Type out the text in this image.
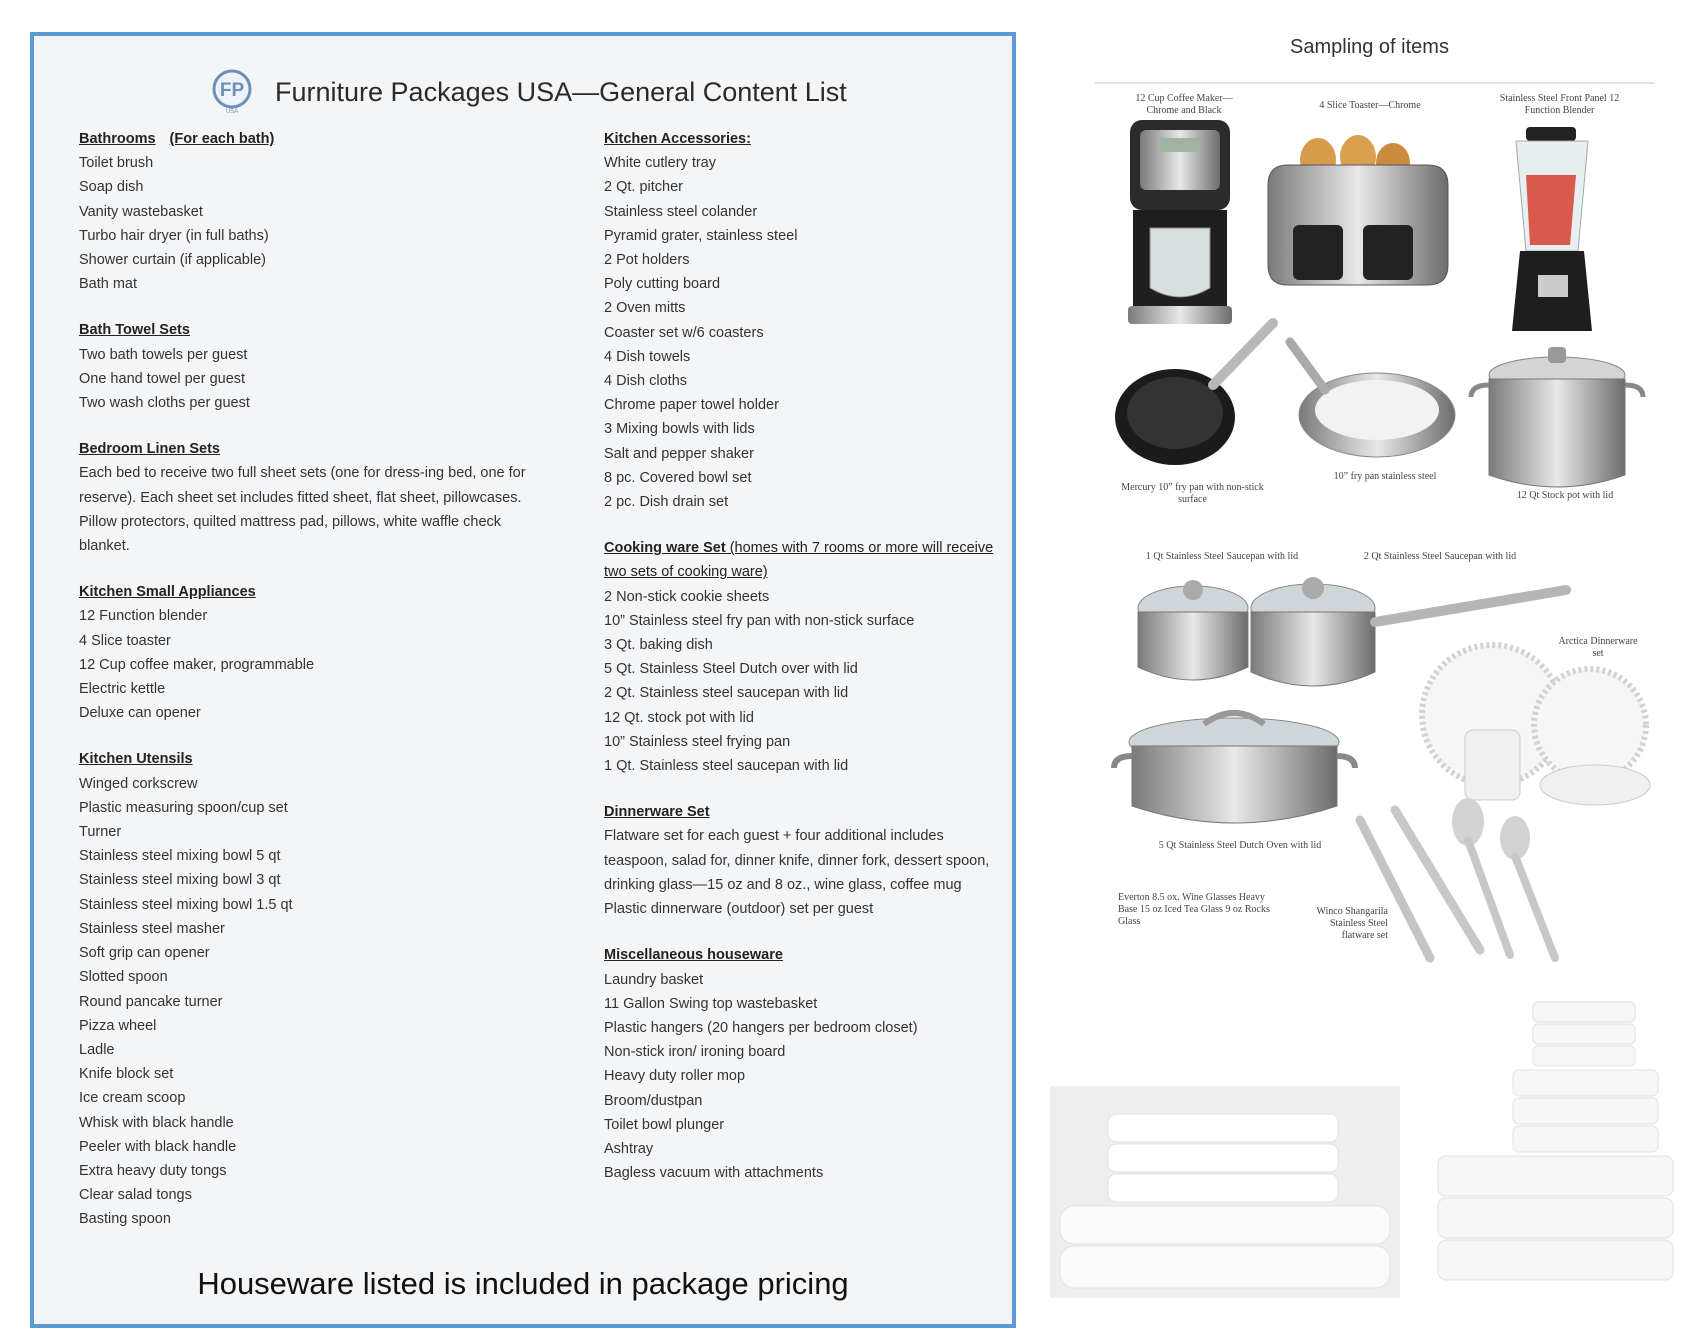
FP
USA
Furniture Packages USA—General Content List
Bathrooms (For each bath)
Toilet brush
Soap dish
Vanity wastebasket
Turbo hair dryer (in full baths)
Shower curtain (if applicable)
Bath mat
Bath Towel Sets
Two bath towels per guest
One hand towel per guest
Two wash cloths per guest
Bedroom Linen Sets
Each bed to receive two full sheet sets (one for dress-ing bed, one for reserve). Each sheet set includes fitted sheet, flat sheet, pillowcases.
Pillow protectors, quilted mattress pad, pillows, white waffle check blanket.
Kitchen Small Appliances
12 Function blender
4 Slice toaster
12 Cup coffee maker, programmable
Electric kettle
Deluxe can opener
Kitchen Utensils
Winged corkscrew
Plastic measuring spoon/cup set
Turner
Stainless steel mixing bowl 5 qt
Stainless steel mixing bowl 3 qt
Stainless steel mixing bowl 1.5 qt
Stainless steel masher
Soft grip can opener
Slotted spoon
Round pancake turner
Pizza wheel
Ladle
Knife block set
Ice cream scoop
Whisk with black handle
Peeler with black handle
Extra heavy duty tongs
Clear salad tongs
Basting spoon
Kitchen Accessories:
White cutlery tray
2 Qt. pitcher
Stainless steel colander
Pyramid grater, stainless steel
2 Pot holders
Poly cutting board
2 Oven mitts
Coaster set w/6 coasters
4 Dish towels
4 Dish cloths
Chrome paper towel holder
3 Mixing bowls with lids
Salt and pepper shaker
8 pc. Covered bowl set
2 pc. Dish drain set
Cooking ware Set (homes with 7 rooms or more will receive two sets of cooking ware)
2 Non-stick cookie sheets
10” Stainless steel fry pan with non-stick surface
3 Qt. baking dish
5 Qt. Stainless Steel Dutch over with lid
2 Qt. Stainless steel saucepan with lid
12 Qt. stock pot with lid
10” Stainless steel frying pan
1 Qt. Stainless steel saucepan with lid
Dinnerware Set
Flatware set for each guest + four additional includes teaspoon, salad for, dinner knife, dinner fork, dessert spoon, drinking glass—15 oz and 8 oz., wine glass, coffee mug
Plastic dinnerware (outdoor) set per guest
Miscellaneous houseware
Laundry basket
11 Gallon Swing top wastebasket
Plastic hangers (20 hangers per bedroom closet)
Non-stick iron/ ironing board
Heavy duty roller mop
Broom/dustpan
Toilet bowl plunger
Ashtray
Bagless vacuum with attachments
Houseware listed is included in package pricing
Sampling of items
12 Cup Coffee Maker—Chrome and Black	4 Slice Toaster—Chrome
Stainless Steel Front Panel 12 Function Blender
Mercury 10” fry pan with non-stick surface
10” fry pan stainless steel
12 Qt Stock pot with lid
1 Qt Stainless Steel Saucepan with lid	2 Qt Stainless Steel Saucepan with lid
Arctica Dinnerware set
5 Qt Stainless Steel Dutch Oven with lid
Everton 8.5 ox. Wine Glasses Heavy Base 15 oz Iced Tea Glass 9 oz Rocks Glass
Winco Shangarila Stainless Steel flatware set
